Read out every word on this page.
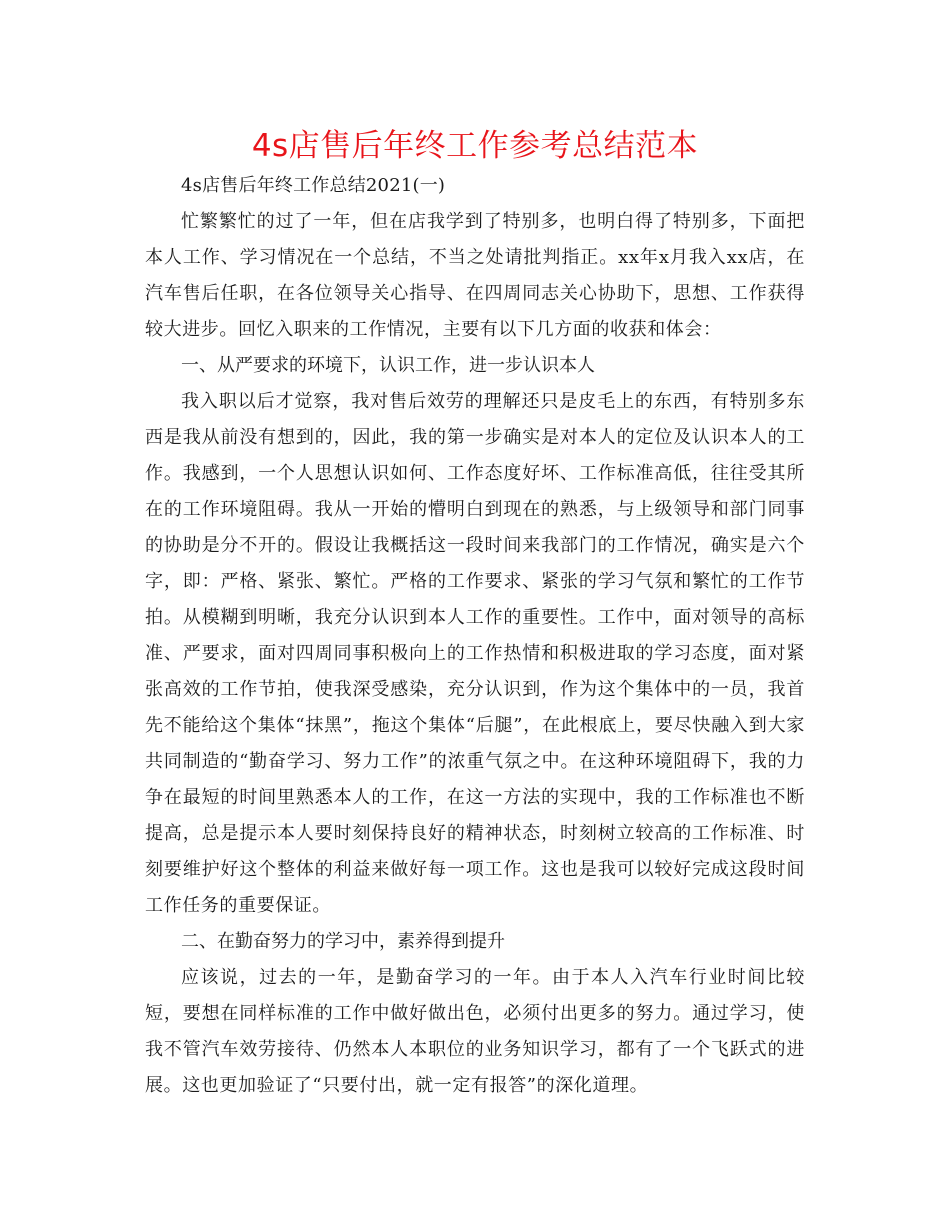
4s店售后年终工作参考总结范本

4s店售后年终工作总结2021(一)

忙繁繁忙的过了一年，但在店我学到了特别多，也明白得了特别多，下面把本人工作、学习情况在一个总结，不当之处请批判指正。xx年x月我入xx店，在汽车售后任职，在各位领导关心指导、在四周同志关心协助下，思想、工作获得较大进步。回忆入职来的工作情况，主要有以下几方面的收获和体会：

一、从严要求的环境下，认识工作，进一步认识本人

我入职以后才觉察，我对售后效劳的理解还只是皮毛上的东西，有特别多东西是我从前没有想到的，因此，我的第一步确实是对本人的定位及认识本人的工作。我感到，一个人思想认识如何、工作态度好坏、工作标准高低，往往受其所在的工作环境阻碍。我从一开始的懵明白到现在的熟悉，与上级领导和部门同事的协助是分不开的。假设让我概括这一段时间来我部门的工作情况，确实是六个字，即：严格、紧张、繁忙。严格的工作要求、紧张的学习气氛和繁忙的工作节拍。从模糊到明晰，我充分认识到本人工作的重要性。工作中，面对领导的高标准、严要求，面对四周同事积极向上的工作热情和积极进取的学习态度，面对紧张高效的工作节拍，使我深受感染，充分认识到，作为这个集体中的一员，我首先不能给这个集体“抹黑”，拖这个集体“后腿”，在此根底上，要尽快融入到大家共同制造的“勤奋学习、努力工作”的浓重气氛之中。在这种环境阻碍下，我的力争在最短的时间里熟悉本人的工作，在这一方法的实现中，我的工作标准也不断提高，总是提示本人要时刻保持良好的精神状态，时刻树立较高的工作标准、时刻要维护好这个整体的利益来做好每一项工作。这也是我可以较好完成这段时间工作任务的重要保证。

二、在勤奋努力的学习中，素养得到提升

应该说，过去的一年，是勤奋学习的一年。由于本人入汽车行业时间比较短，要想在同样标准的工作中做好做出色，必须付出更多的努力。通过学习，使我不管汽车效劳接待、仍然本人本职位的业务知识学习，都有了一个飞跃式的进展。这也更加验证了“只要付出，就一定有报答”的深化道理。
